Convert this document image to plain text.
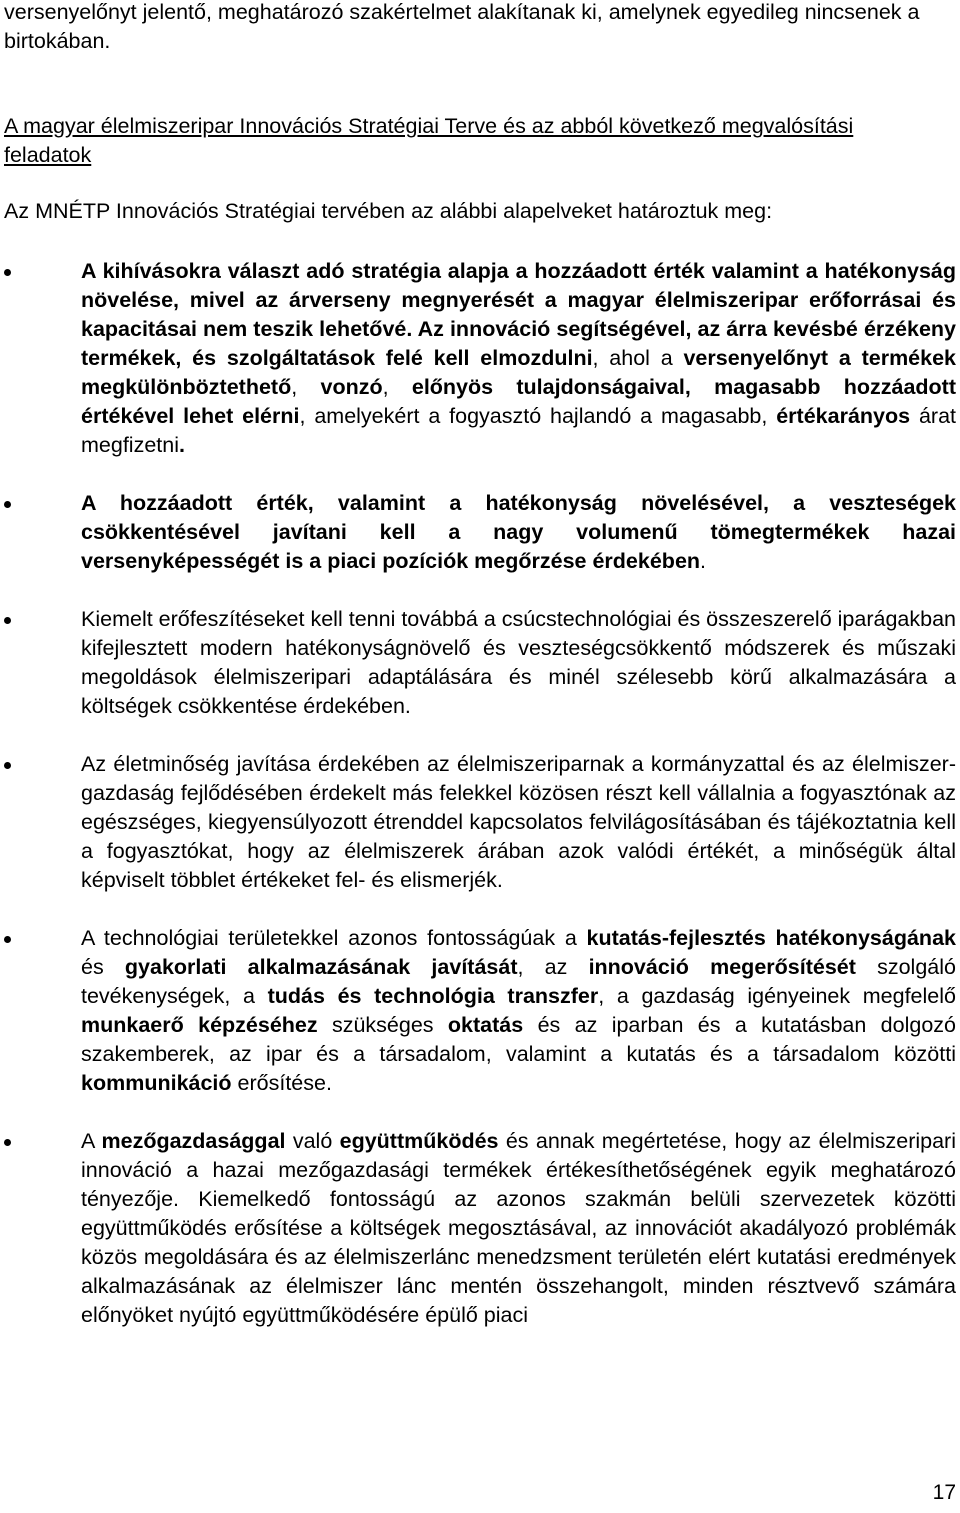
versenyelőnyt jelentő, meghatározó szakértelmet alakítanak ki, amelynek egyedileg nincsenek a birtokában.
A magyar élelmiszeripar Innovációs Stratégiai Terve és az abból következő megvalósítási feladatok
Az MNÉTP Innovációs Stratégiai tervében az alábbi alapelveket határoztuk meg:
A kihívásokra választ adó stratégia alapja a hozzáadott érték valamint a hatékonyság növelése, mivel az árverseny megnyerését a magyar élelmiszeripar erőforrásai és kapacitásai nem teszik lehetővé. Az innováció segítségével, az árra kevésbé érzékeny termékek, és szolgáltatások felé kell elmozdulni, ahol a versenyelőnyt a termékek megkülönböztethető, vonzó, előnyös tulajdonságaival, magasabb hozzáadott értékével lehet elérni, amelyekért a fogyasztó hajlandó a magasabb, értékarányos árat megfizetni.
A hozzáadott érték, valamint a hatékonyság növelésével, a veszteségek csökkentésével javítani kell a nagy volumenű tömegtermékek hazai versenyképességét is a piaci pozíciók megőrzése érdekében.
Kiemelt erőfeszítéseket kell tenni továbbá a csúcstechnológiai és összeszerelő iparágakban kifejlesztett modern hatékonyságnövelő és veszteségcsökkentő módszerek és műszaki megoldások élelmiszeripari adaptálására és minél szélesebb körű alkalmazására a költségek csökkentése érdekében.
Az életminőség javítása érdekében az élelmiszeriparnak a kormányzattal és az élelmiszer-gazdaság fejlődésében érdekelt más felekkel közösen részt kell vállalnia a fogyasztónak az egészséges, kiegyensúlyozott étrenddel kapcsolatos felvilágosításában és tájékoztatnia kell a fogyasztókat, hogy az élelmiszerek árában azok valódi értékét, a minőségük által képviselt többlet értékeket fel- és elismerjék.
A technológiai területekkel azonos fontosságúak a kutatás-fejlesztés hatékonyságának és gyakorlati alkalmazásának javítását, az innováció megerősítését szolgáló tevékenységek, a tudás és technológia transzfer, a gazdaság igényeinek megfelelő munkaerő képzéséhez szükséges oktatás és az iparban és a kutatásban dolgozó szakemberek, az ipar és a társadalom, valamint a kutatás és a társadalom közötti kommunikáció erősítése.
A mezőgazdasággal való együttműködés és annak megértetése, hogy az élelmiszeripari innováció a hazai mezőgazdasági termékek értékesíthetőségének egyik meghatározó tényezője. Kiemelkedő fontosságú az azonos szakmán belüli szervezetek közötti együttműködés erősítése a költségek megosztásával, az innovációt akadályozó problémák közös megoldására és az élelmiszerlánc menedzsment területén elért kutatási eredmények alkalmazásának az élelmiszer lánc mentén összehangolt, minden résztvevő számára előnyöket nyújtó együttműködésére épülő piaci
17
